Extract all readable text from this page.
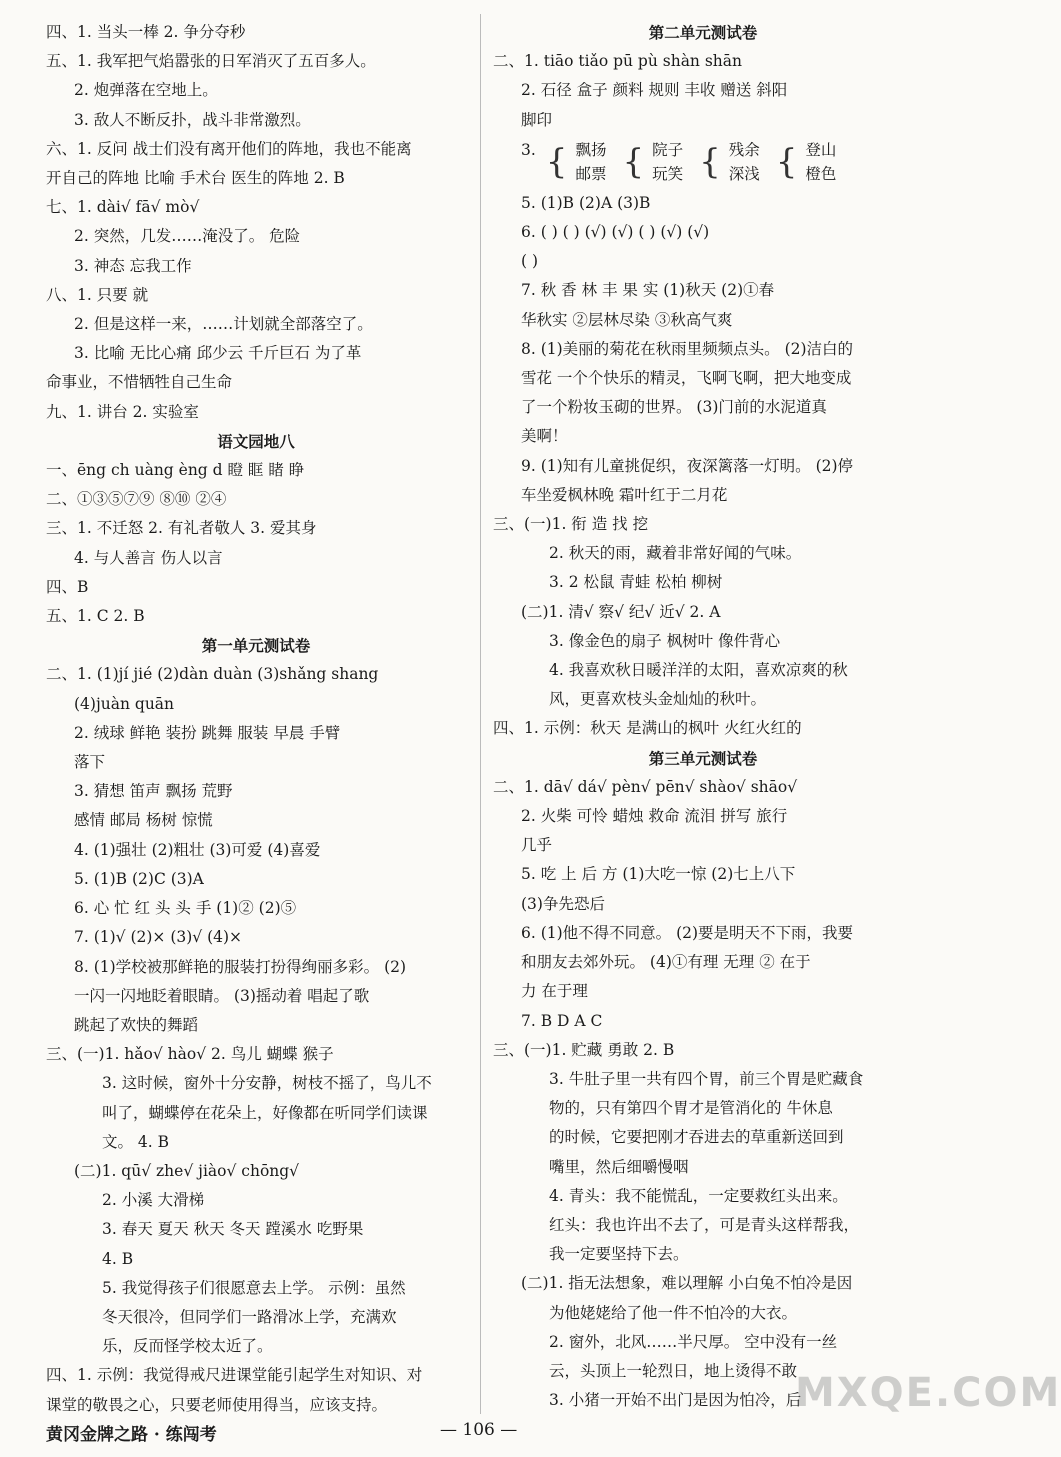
四、1. 当头一棒 2. 争分夺秒
五、1. 我军把气焰嚣张的日军消灭了五百多人。
2. 炮弹落在空地上。
3. 敌人不断反扑，战斗非常激烈。
六、1. 反问 战士们没有离开他们的阵地，我也不能离
开自己的阵地 比喻 手术台 医生的阵地 2. B
七、1. dài√ fā√ mò√
2. 突然，几发……淹没了。 危险
3. 神态 忘我工作
八、1. 只要 就
2. 但是这样一来，……计划就全部落空了。
3. 比喻 无比心痛 邱少云 千斤巨石 为了革
命事业，不惜牺牲自己生命
九、1. 讲台 2. 实验室
语文园地八
一、ēng ch uàng èng d 瞪 眶 睹 睁
二、①③⑤⑦⑨ ⑧⑩ ②④
三、1. 不迁怒 2. 有礼者敬人 3. 爱其身
4. 与人善言 伤人以言
四、B
五、1. C 2. B
第一单元测试卷
二、1. (1)jí jié (2)dàn duàn (3)shǎng shang
(4)juàn quān
2. 绒球 鲜艳 装扮 跳舞 服装 早晨 手臂
落下
3. 猜想 笛声 飘扬 荒野
感情 邮局 杨树 惊慌
4. (1)强壮 (2)粗壮 (3)可爱 (4)喜爱
5. (1)B (2)C (3)A
6. 心 忙 红 头 头 手 (1)② (2)⑤
7. (1)√ (2)× (3)√ (4)×
8. (1)学校被那鲜艳的服装打扮得绚丽多彩。 (2)
一闪一闪地眨着眼睛。 (3)摇动着 唱起了歌
跳起了欢快的舞蹈
三、(一)1. hǎo√ hào√ 2. 鸟儿 蝴蝶 猴子
3. 这时候，窗外十分安静，树枝不摇了，鸟儿不
叫了，蝴蝶停在花朵上，好像都在听同学们读课
文。 4. B
(二)1. qū√ zhe√ jiào√ chōng√
2. 小溪 大滑梯
3. 春天 夏天 秋天 冬天 蹚溪水 吃野果
4. B
5. 我觉得孩子们很愿意去上学。 示例：虽然
冬天很冷，但同学们一路滑冰上学，充满欢
乐，反而怪学校太近了。
四、1. 示例：我觉得戒尺进课堂能引起学生对知识、对
课堂的敬畏之心，只要老师使用得当，应该支持。
第二单元测试卷
二、1. tiāo tiǎo pū pù shàn shān
2. 石径 盒子 颜料 规则 丰收 赠送 斜阳
脚印
3. { 飘扬
邮票 { 院子
玩笑 { 残余
深浅 { 登山
橙色
5. (1)B (2)A (3)B
6. ( ) ( ) (√) (√) ( ) (√) (√)
( )
7. 秋 香 林 丰 果 实 (1)秋天 (2)①春
华秋实 ②层林尽染 ③秋高气爽
8. (1)美丽的菊花在秋雨里频频点头。 (2)洁白的
雪花 一个个快乐的精灵，飞啊飞啊，把大地变成
了一个粉妆玉砌的世界。 (3)门前的水泥道真
美啊！
9. (1)知有儿童挑促织，夜深篱落一灯明。 (2)停
车坐爱枫林晚 霜叶红于二月花
三、(一)1. 衔 造 找 挖
2. 秋天的雨，藏着非常好闻的气味。
3. 2 松鼠 青蛙 松柏 柳树
(二)1. 清√ 察√ 纪√ 近√ 2. A
3. 像金色的扇子 枫树叶 像件背心
4. 我喜欢秋日暖洋洋的太阳，喜欢凉爽的秋
风，更喜欢枝头金灿灿的秋叶。
四、1. 示例：秋天 是满山的枫叶 火红火红的
第三单元测试卷
二、1. dā√ dá√ pèn√ pēn√ shào√ shāo√
2. 火柴 可怜 蜡烛 救命 流泪 拼写 旅行
几乎
5. 吃 上 后 方 (1)大吃一惊 (2)七上八下
(3)争先恐后
6. (1)他不得不同意。 (2)要是明天不下雨，我要
和朋友去郊外玩。 (4)①有理 无理 ② 在于
力 在于理
7. B D A C
三、(一)1. 贮藏 勇敢 2. B
3. 牛肚子里一共有四个胃，前三个胃是贮藏食
物的，只有第四个胃才是管消化的 牛休息
的时候，它要把刚才吞进去的草重新送回到
嘴里，然后细嚼慢咽
4. 青头：我不能慌乱，一定要救红头出来。
红头：我也许出不去了，可是青头这样帮我，
我一定要坚持下去。
(二)1. 指无法想象，难以理解 小白兔不怕冷是因
为他姥姥给了他一件不怕冷的大衣。
2. 窗外，北风……半尺厚。 空中没有一丝
云，头顶上一轮烈日，地上烫得不敢
3. 小猪一开始不出门是因为怕冷，后
黄冈金牌之路 · 练闯考	— 106 —
MXQE.COM
